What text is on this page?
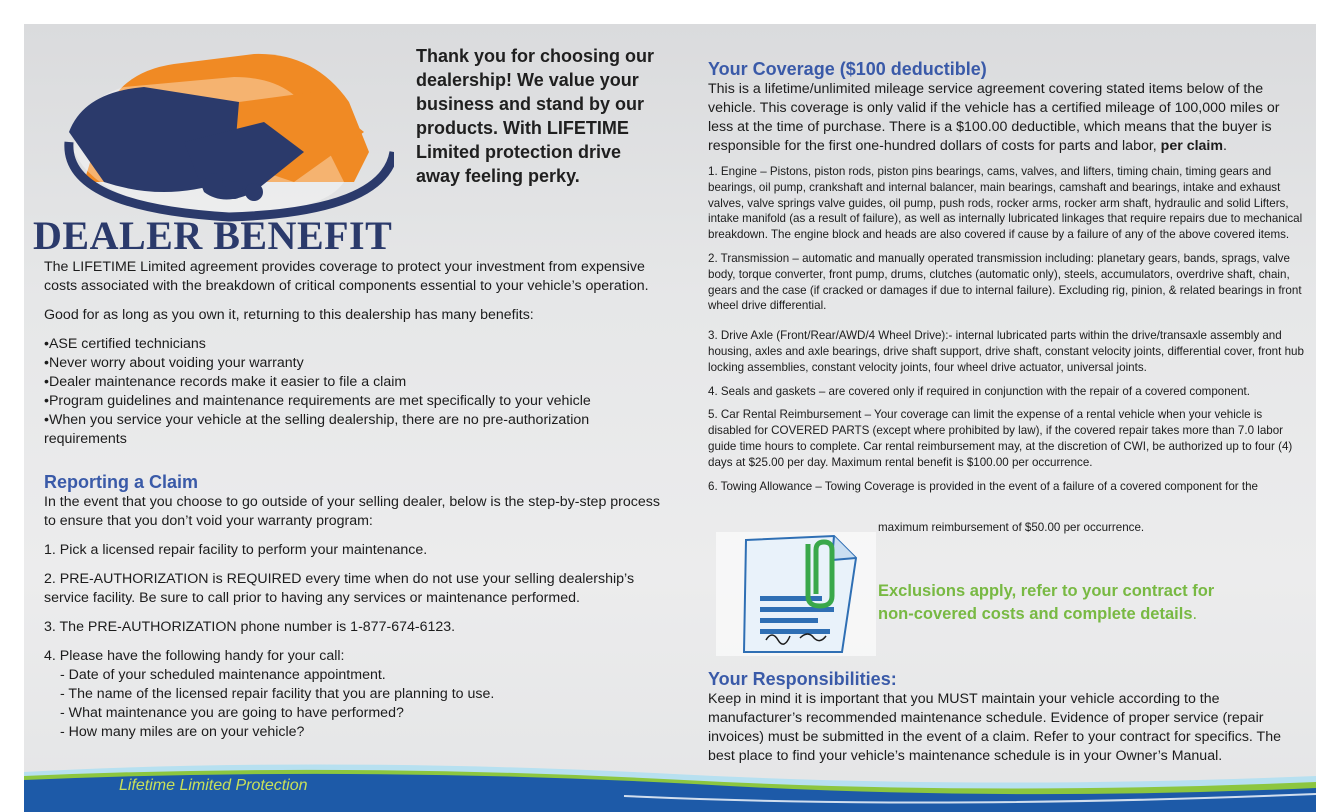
Thank you for choosing our dealership! We value your business and stand by our products. With LIFETIME Limited protection drive away feeling perky.
DEALER BENEFIT

The LIFETIME Limited agreement provides coverage to protect your investment from expensive costs associated with the breakdown of critical components essential to your vehicle’s operation.

Good for as long as you own it, returning to this dealership has many benefits:

• ASE certified technicians
• Never worry about voiding your warranty
• Dealer maintenance records make it easier to file a claim
• Program guidelines and maintenance requirements are met specifically to your vehicle
• When you service your vehicle at the selling dealership, there are no pre-authorization requirements
Reporting a Claim

In the event that you choose to go outside of your selling dealer, below is the step-by-step process to ensure that you don’t void your warranty program:

1. Pick a licensed repair facility to perform your maintenance.

2. PRE-AUTHORIZATION is REQUIRED every time when do not use your selling dealership’s service facility. Be sure to call prior to having any services or maintenance performed.

3. The PRE-AUTHORIZATION phone number is 1-877-674-6123.

4. Please have the following handy for your call:
- Date of your scheduled maintenance appointment.
- The name of the licensed repair facility that you are planning to use.
- What maintenance you are going to have performed?
- How many miles are on your vehicle?
Your Coverage ($100 deductible)

This is a lifetime/unlimited mileage service agreement covering stated items below of the vehicle. This coverage is only valid if the vehicle has a certified mileage of 100,000 miles or less at the time of purchase. There is a $100.00 deductible, which means that the buyer is responsible for the first one-hundred dollars of costs for parts and labor, per claim.

1. Engine – Pistons, piston rods, piston pins bearings, cams, valves, and lifters, timing chain, timing gears and bearings, oil pump, crankshaft and internal balancer, main bearings, camshaft and bearings, intake and exhaust valves, valve springs valve guides, oil pump, push rods, rocker arms, rocker arm shaft, hydraulic and solid Lifters, intake manifold (as a result of failure), as well as internally lubricated linkages that require repairs due to mechanical breakdown. The engine block and heads are also covered if cause by a failure of any of the above covered items.

2. Transmission – automatic and manually operated transmission including: planetary gears, bands, sprags, valve body, torque converter, front pump, drums, clutches (automatic only), steels, accumulators, overdrive shaft, chain, gears and the case (if cracked or damages if due to internal failure). Excluding rig, pinion, & related bearings in front wheel drive differential.

3. Drive Axle (Front/Rear/AWD/4 Wheel Drive):- internal lubricated parts within the drive/transaxle assembly and housing, axles and axle bearings, drive shaft support, drive shaft, constant velocity joints, differential cover, front hub locking assemblies, constant velocity joints, four wheel drive actuator, universal joints.

4. Seals and gaskets – are covered only if required in conjunction with the repair of a covered component.

5. Car Rental Reimbursement – Your coverage can limit the expense of a rental vehicle when your vehicle is disabled for COVERED PARTS (except where prohibited by law), if the covered repair takes more than 7.0 labor guide time hours to complete. Car rental reimbursement may, at the discretion of CWI, be authorized up to four (4) days at $25.00 per day. Maximum rental benefit is $100.00 per occurrence.

6. Towing Allowance – Towing Coverage is provided in the event of a failure of a covered component for the

maximum reimbursement of $50.00 per occurrence.
Exclusions apply, refer to your contract for
non-covered costs and complete details.
Your Responsibilities:

Keep in mind it is important that you MUST maintain your vehicle according to the manufacturer’s recommended maintenance schedule. Evidence of proper service (repair invoices) must be submitted in the event of a claim. Refer to your contract for specifics. The best place to find your vehicle’s maintenance schedule is in your Owner’s Manual.

Lifetime Limited Protection
